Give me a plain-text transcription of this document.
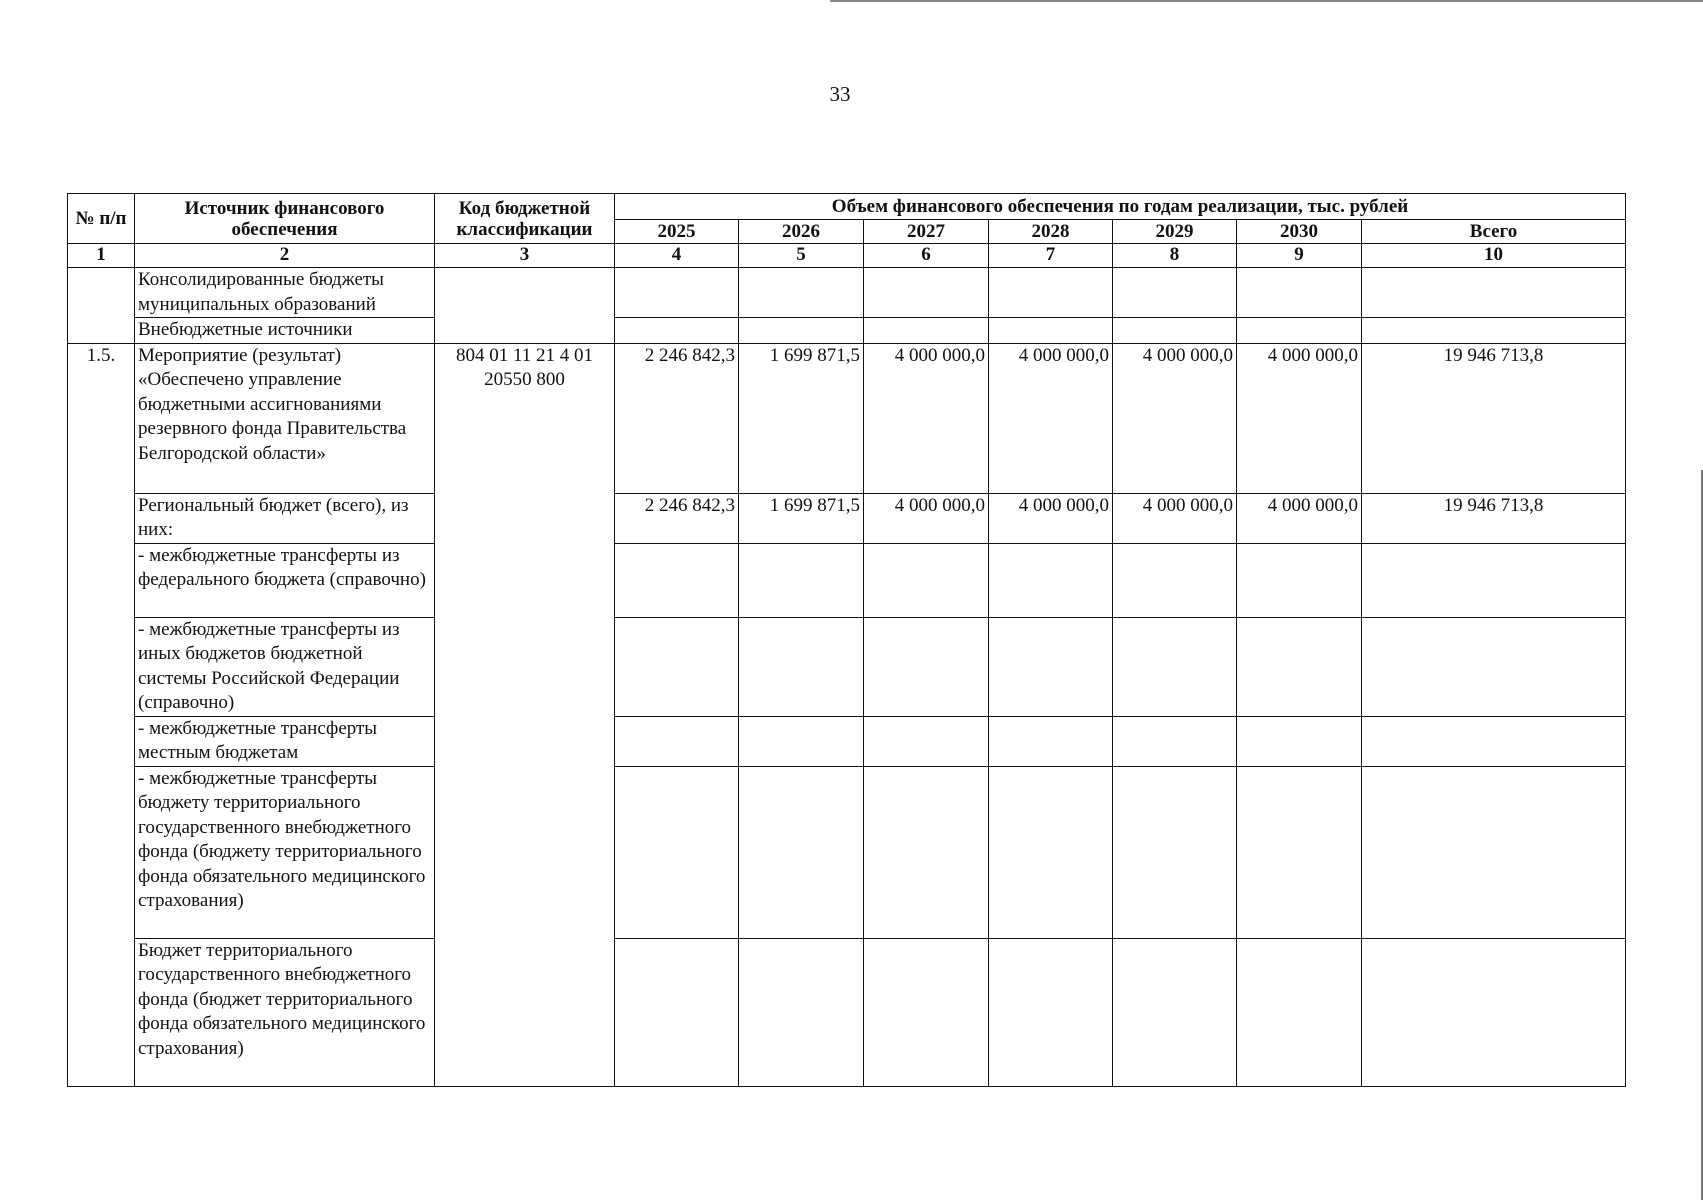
33
№ п/п	Источник финансового обеспечения	Код бюджетной классификации	Объем финансового обеспечения по годам реализации, тыс. рублей						
			2025	2026	2027	2028	2029	2030	Всего
1	2	3	4	5	6	7	8	9	10
	Консолидированные бюджеты муниципальных образований								
	Внебюджетные источники								
1.5.	Мероприятие (результат) «Обеспечено управление бюджетными ассигнованиями резервного фонда Правительства Белгородской области»	804 01 11 21 4 01 20550 800	2 246 842,3	1 699 871,5	4 000 000,0	4 000 000,0	4 000 000,0	4 000 000,0	19 946 713,8
	Региональный бюджет (всего), из них:		2 246 842,3	1 699 871,5	4 000 000,0	4 000 000,0	4 000 000,0	4 000 000,0	19 946 713,8
	- межбюджетные трансферты из федерального бюджета (справочно)								
	- межбюджетные трансферты из иных бюджетов бюджетной системы Российской Федерации (справочно)								
	- межбюджетные трансферты местным бюджетам								
	- межбюджетные трансферты бюджету территориального государственного внебюджетного фонда (бюджету территориального фонда обязательного медицинского страхования)								
	Бюджет территориального государственного внебюджетного фонда (бюджет территориального фонда обязательного медицинского страхования)								
